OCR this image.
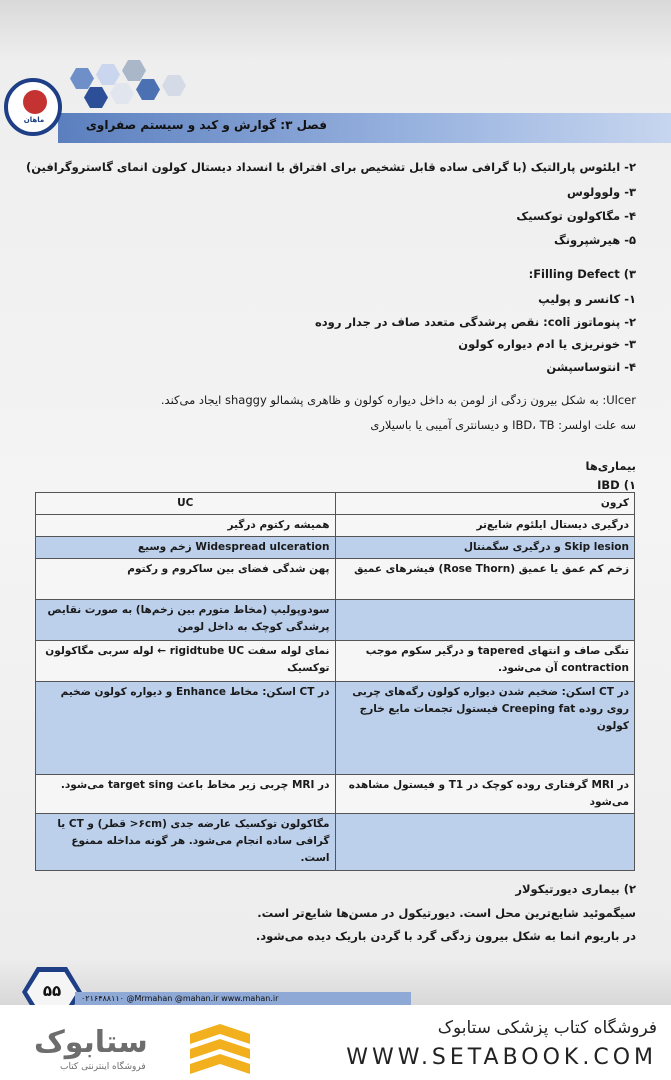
فصل ۳: گوارش و کبد و سیستم صفراوی
ماهان
۲- ایلئوس پارالتیک (با گرافی ساده قابل تشخیص برای افتراق با انسداد دیستال کولون انمای گاستروگرافین)
۳- ولوولوس
۴- مگاکولون توکسیک
۵- هیرشپرونگ
۳) Filling Defect:
۱- کانسر و پولیپ
۲- پنوماتوز coli: نقص پرشدگی متعدد صاف در جدار روده
۳- خونریزی یا ادم دیواره کولون
۴- انتوساسپشن
Ulcer: به شکل بیرون زدگی از لومن به داخل دیواره کولون و ظاهری پشمالو shaggy ایجاد می‌کند.
سه علت اولسر: IBD، TB و دیسانتری آمیبی یا باسیلاری
بیماری‌ها
۱) IBD
کرون	UC
درگیری دیستال ایلئوم شایع‌تر	همیشه رکتوم درگیر
Skip lesion و درگیری سگمنتال	Widespread ulceration زخم وسیع
زخم کم عمق یا عمیق (Rose Thorn) فیشرهای عمیق	پهن شدگی فضای بین ساکروم و رکتوم
	سودوپولیپ (مخاط متورم بین زخم‌ها) به صورت نقایص پرشدگی کوچک به داخل لومن
تنگی صاف و انتهای tapered و درگیر سکوم موجب contraction آن می‌شود.	نمای لوله سفت rigidtube UC ← لوله سربی مگاکولون توکسیک
در CT اسکن: ضخیم شدن دیواره کولون رگه‌های چربی روی روده Creeping fat فیستول تجمعات مایع خارج کولون	در CT اسکن: مخاط Enhance و دیواره کولون ضخیم
در MRI گرفتاری روده کوچک در T1 و فیستول مشاهده می‌شود	در MRI چربی زیر مخاط باعث target sing می‌شود.
	مگاکولون توکسیک عارضه جدی (۶cm< قطر) و CT یا گرافی ساده انجام می‌شود. هر گونه مداخله ممنوع است.
۲) بیماری دیورتیکولار
سیگموئید شایع‌ترین محل است. دیورتیکول در مسن‌ها شایع‌تر است.
در باریوم انما به شکل بیرون زدگی گرد با گردن باریک دیده می‌شود.
۵۵	۰۲۱۶۴۸۸۱۱۰ @Mrmahan @mahan.ir www.mahan.ir
ستابوک
فروشگاه اینترنتی کتاب
فروشگاه کتاب پزشکی ستابوک
WWW.SETABOOK.COM
